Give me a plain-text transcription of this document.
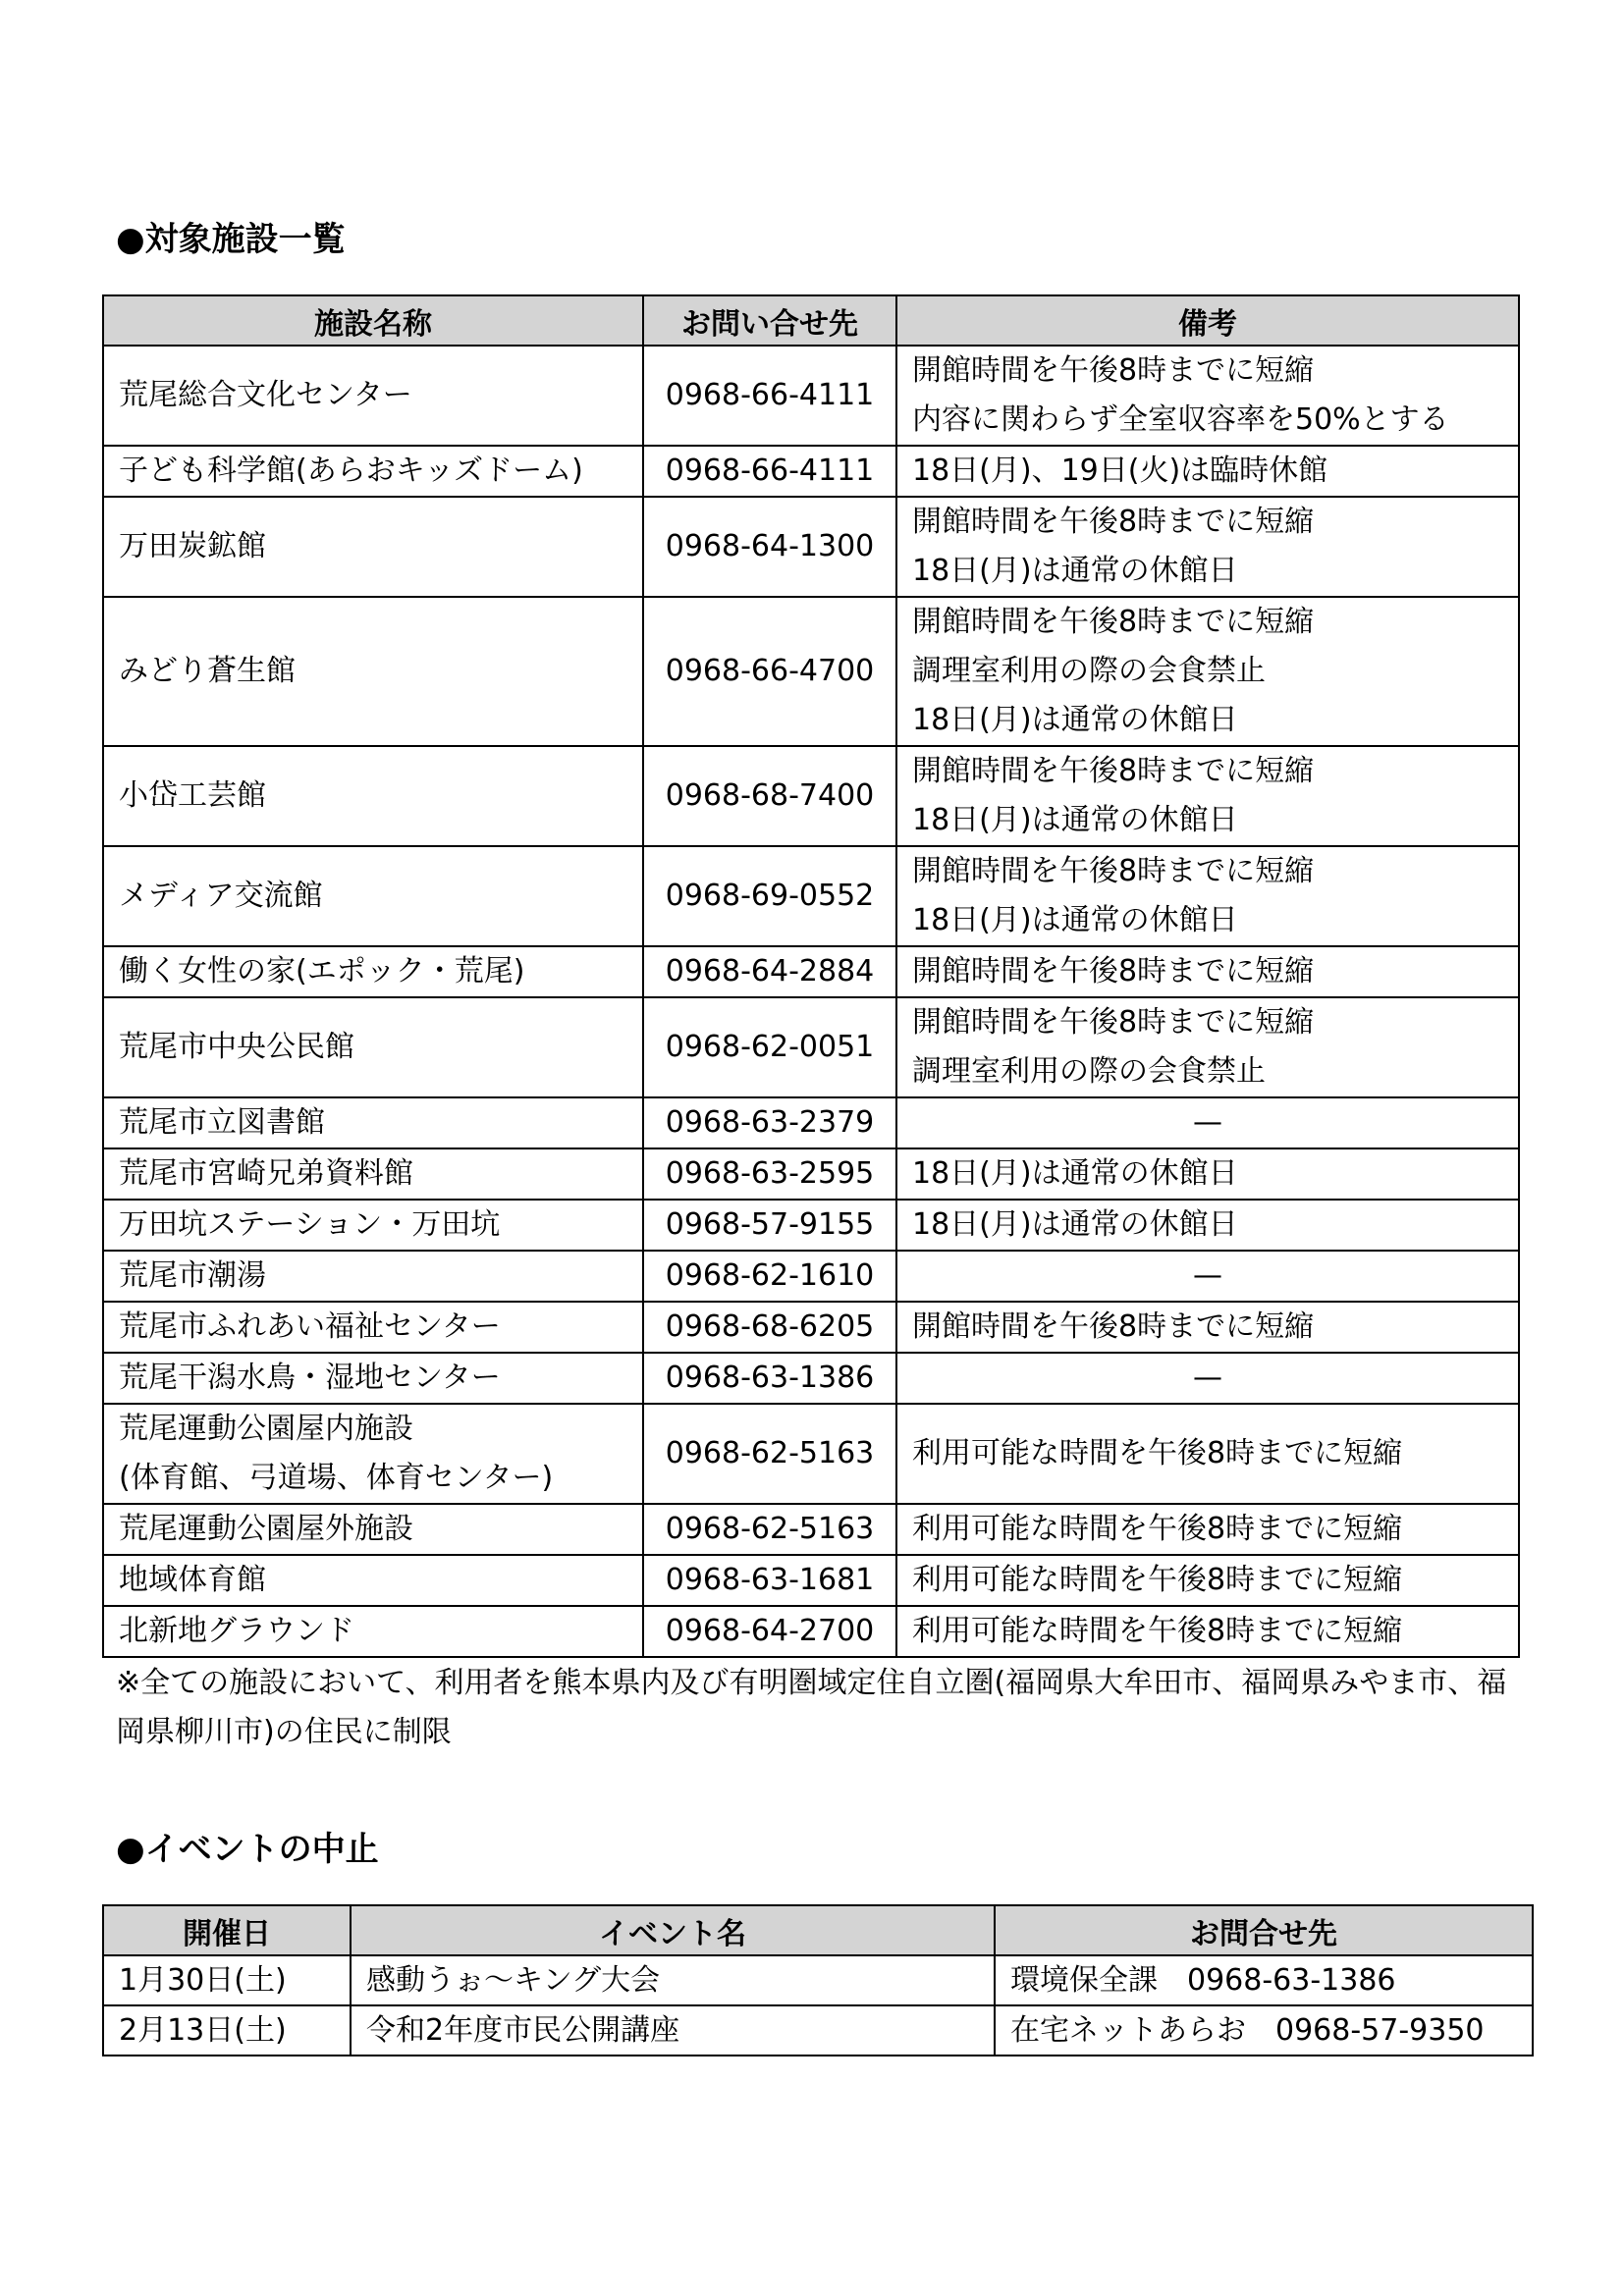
●対象施設一覧
施設名称	お問い合せ先	備考

荒尾総合文化センター	0968-66-4111	開館時間を午後8時までに短縮
内容に関わらず全室収容率を50%とする

子ども科学館(あらおキッズドーム)	0968-66-4111	18日(月)、19日(火)は臨時休館

万田炭鉱館	0968-64-1300	開館時間を午後8時までに短縮
18日(月)は通常の休館日

みどり蒼生館	0968-66-4700	開館時間を午後8時までに短縮
調理室利用の際の会食禁止
18日(月)は通常の休館日

小岱工芸館	0968-68-7400	開館時間を午後8時までに短縮
18日(月)は通常の休館日

メディア交流館	0968-69-0552	開館時間を午後8時までに短縮
18日(月)は通常の休館日

働く女性の家(エポック・荒尾)	0968-64-2884	開館時間を午後8時までに短縮

荒尾市中央公民館	0968-62-0051	開館時間を午後8時までに短縮
調理室利用の際の会食禁止

荒尾市立図書館	0968-63-2379	—

荒尾市宮崎兄弟資料館	0968-63-2595	18日(月)は通常の休館日

万田坑ステーション・万田坑	0968-57-9155	18日(月)は通常の休館日

荒尾市潮湯	0968-62-1610	—

荒尾市ふれあい福祉センター	0968-68-6205	開館時間を午後8時までに短縮

荒尾干潟水鳥・湿地センター	0968-63-1386	—

荒尾運動公園屋内施設
(体育館、弓道場、体育センター)	0968-62-5163	利用可能な時間を午後8時までに短縮

荒尾運動公園屋外施設	0968-62-5163	利用可能な時間を午後8時までに短縮

地域体育館	0968-63-1681	利用可能な時間を午後8時までに短縮

北新地グラウンド	0968-64-2700	利用可能な時間を午後8時までに短縮
※全ての施設において、利用者を熊本県内及び有明圏域定住自立圏(福岡県大牟田市、福岡県みやま市、福岡県柳川市)の住民に制限
●イベントの中止
開催日	イベント名	お問合せ先
1月30日(土)	感動うぉ～キング大会	環境保全課　0968-63-1386
2月13日(土)	令和2年度市民公開講座	在宅ネットあらお　0968-57-9350
